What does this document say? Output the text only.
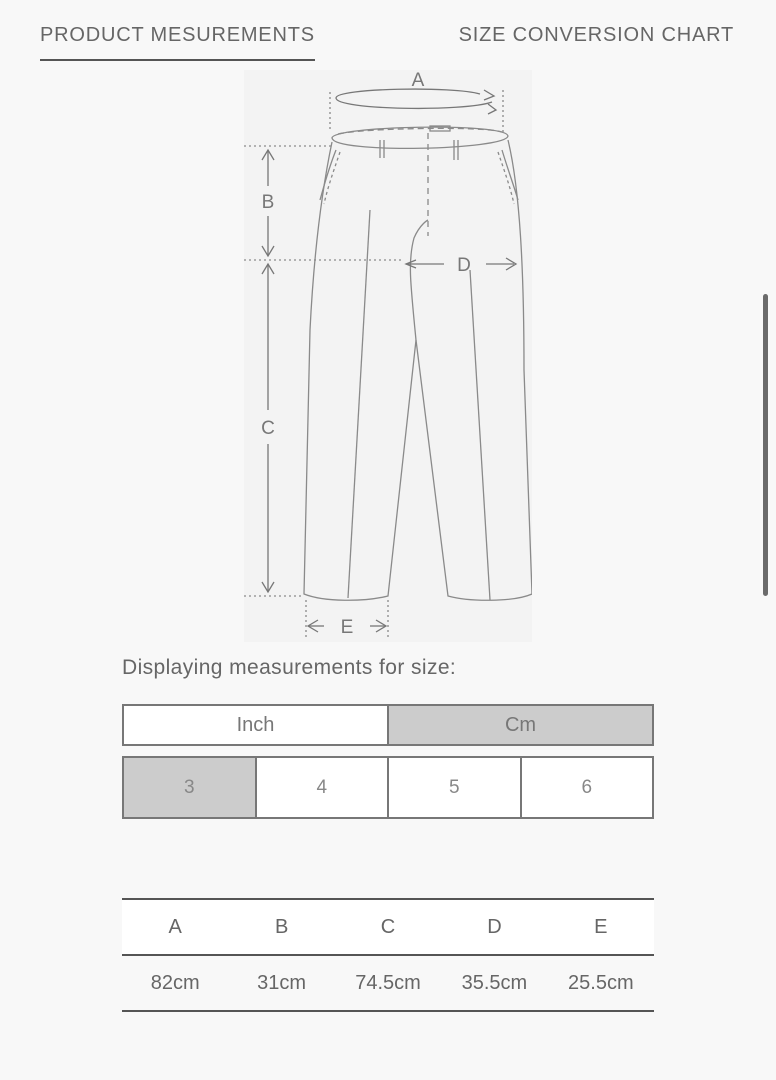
PRODUCT MESUREMENTS	SIZE CONVERSION CHART
A
B
C
D
E
Displaying measurements for size:
Inch	Cm
3	4	5	6
A	B	C	D	E
82cm	31cm	74.5cm	35.5cm	25.5cm
